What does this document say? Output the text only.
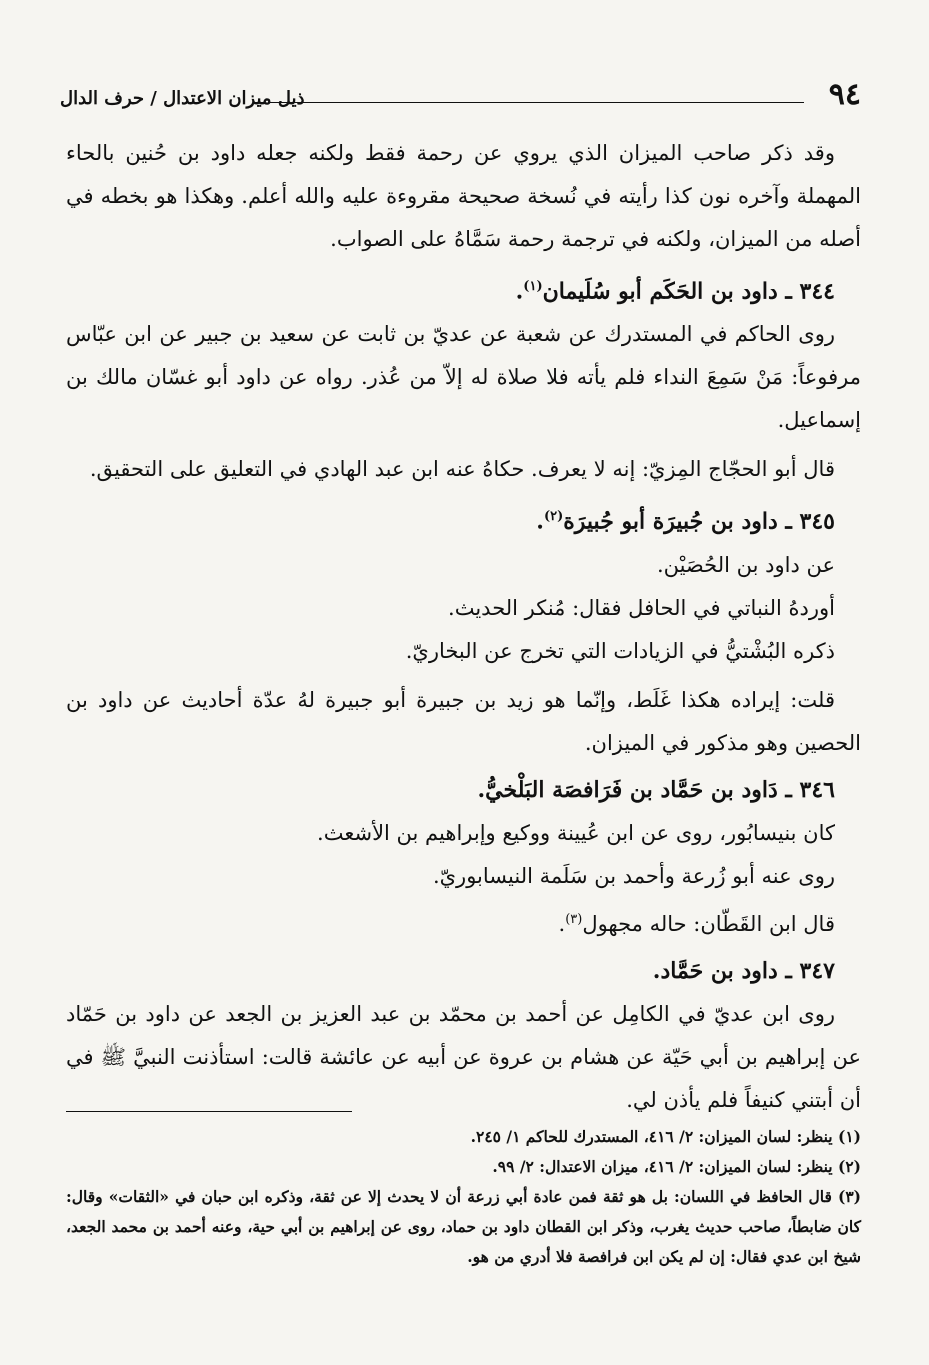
٩٤
ذيل ميزان الاعتدال / حرف الدال

وقد ذكر صاحب الميزان الذي يروي عن رحمة فقط ولكنه جعله داود بن حُنين بالحاء المهملة وآخره نون كذا رأيته في نُسخة صحيحة مقروءة عليه والله أعلم. وهكذا هو بخطه في أصله من الميزان، ولكنه في ترجمة رحمة سَمَّاهُ على الصواب.

٣٤٤ ـ داود بن الحَكَم أبو سُلَيمان$^{(١)}$.

روى الحاكم في المستدرك عن شعبة عن عديّ بن ثابت عن سعيد بن جبير عن ابن عبّاس مرفوعاً: مَنْ سَمِعَ النداء فلم يأته فلا صلاة له إلاّ من عُذر. رواه عن داود أبو غسّان مالك بن إسماعيل.

قال أبو الحجّاج المِزيّ: إنه لا يعرف. حكاهُ عنه ابن عبد الهادي في التعليق على التحقيق.

٣٤٥ ـ داود بن جُبيرَة أبو جُبيرَة$^{(٢)}$.

عن داود بن الحُصَيْن.

أوردهُ النباتي في الحافل فقال: مُنكر الحديث.

ذكره البُشْتيُّ في الزيادات التي تخرج عن البخاريّ.

قلت: إيراده هكذا غَلَط، وإنّما هو زيد بن جبيرة أبو جبيرة لهُ عدّة أحاديث عن داود بن الحصين وهو مذكور في الميزان.

٣٤٦ ـ دَاود بن حَمَّاد بن فَرَافصَة البَلْخيُّ.

كان بنيسابُور، روى عن ابن عُيينة ووكيع وإبراهيم بن الأشعث.

روى عنه أبو زُرعة وأحمد بن سَلَمة النيسابوريّ.

قال ابن القَطّان: حاله مجهول$^{(٣)}$.

٣٤٧ ـ داود بن حَمَّاد.

روى ابن عديّ في الكامِل عن أحمد بن محمّد بن عبد العزيز بن الجعد عن داود بن حَمّاد عن إبراهيم بن أبي حَيّة عن هشام بن عروة عن أبيه عن عائشة قالت: استأذنت النبيَّ ﷺ في أن أبتني كنيفاً فلم يأذن لي.

(١) ينظر: لسان الميزان: ٢/ ٤١٦، المستدرك للحاكم ١/ ٢٤٥.

(٢) ينظر: لسان الميزان: ٢/ ٤١٦، ميزان الاعتدال: ٢/ ٩٩.

(٣) قال الحافظ في اللسان: بل هو ثقة فمن عادة أبي زرعة أن لا يحدث إلا عن ثقة، وذكره ابن حبان في «الثقات» وقال: كان ضابطاً، صاحب حديث يغرب، وذكر ابن القطان داود بن حماد، روى عن إبراهيم بن أبي حية، وعنه أحمد بن محمد الجعد، شيخ ابن عدي فقال: إن لم يكن ابن فرافصة فلا أدري من هو.
